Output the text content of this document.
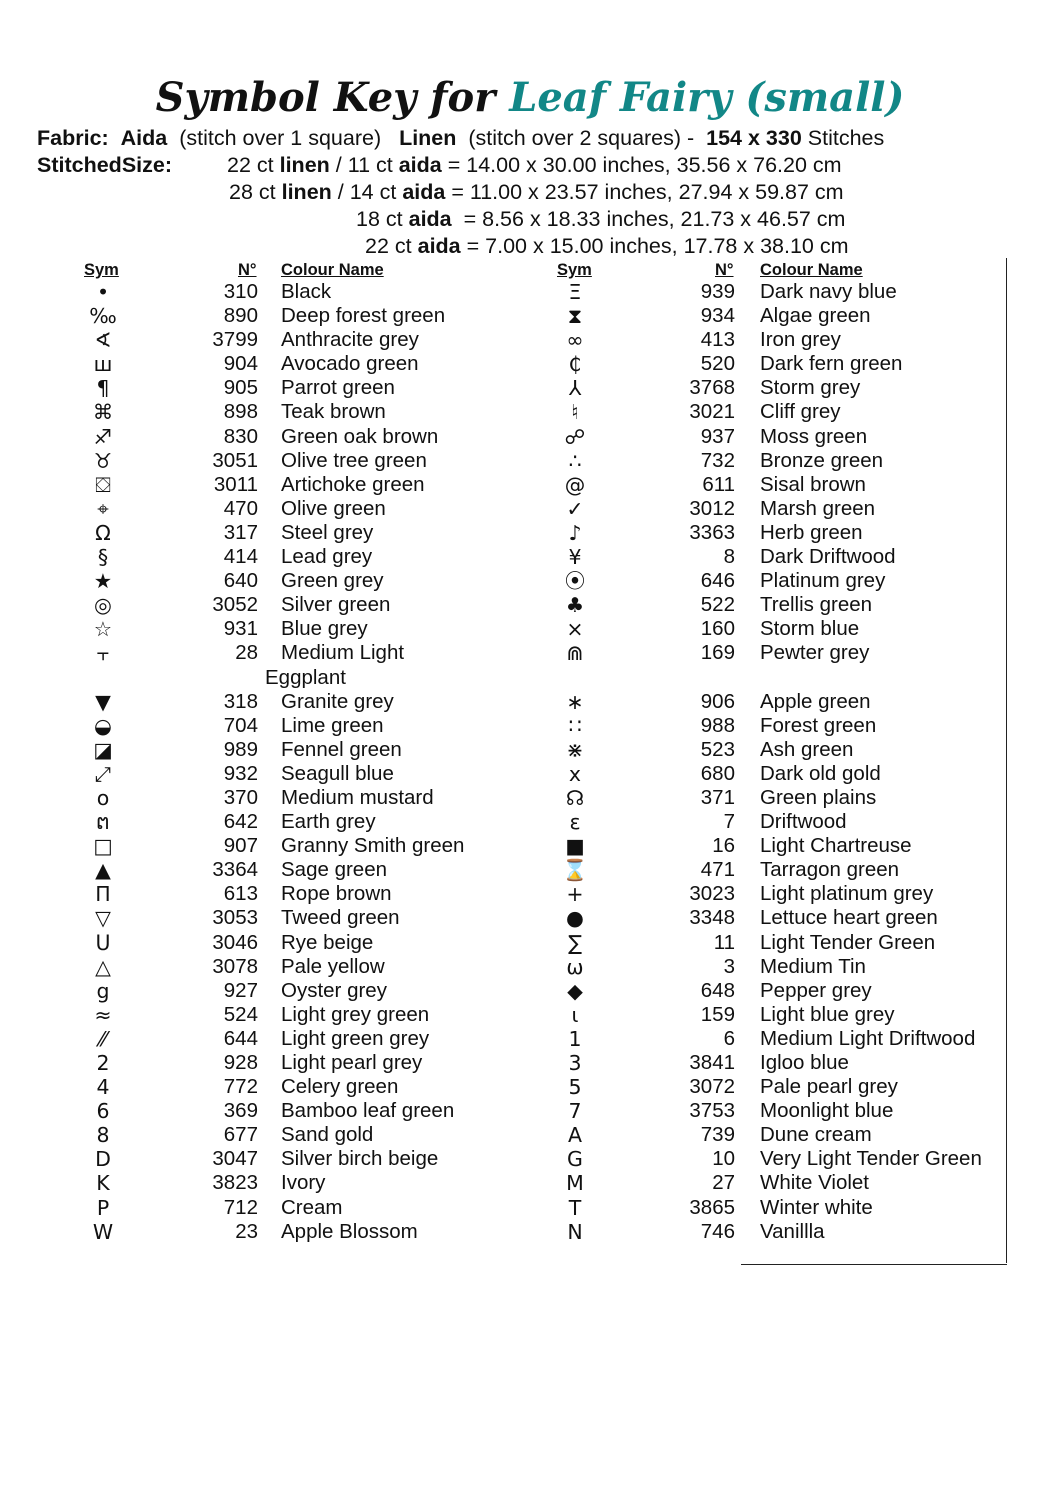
Symbol Key for Leaf Fairy (small)
Fabric: Aida (stitch over 1 square) Linen (stitch over 2 squares) - 154 x 330 Stitches
StitchedSize:	22 ct linen / 11 ct aida = 14.00 x 30.00 inches, 35.56 x 76.20 cm
28 ct linen / 14 ct aida = 11.00 x 23.57 inches, 27.94 x 59.87 cm
18 ct aida = 8.56 x 18.33 inches, 21.73 x 46.57 cm
22 ct aida = 7.00 x 15.00 inches, 17.78 x 38.10 cm
Sym	N° Colour Name
•	310 Black
‰	890 Deep forest green
∢	3799 Anthracite grey
ш	904 Avocado green
¶	905 Parrot green
⌘	898 Teak brown
♐	830 Green oak brown
♉	3051 Olive tree green
⛋	3011 Artichoke green
⌖	470 Olive green
Ω	317 Steel grey
§	414 Lead grey
★	640 Green grey
◎	3052 Silver green
☆	931 Blue grey
⫟	28 Medium Light
Eggplant
▼	318 Granite grey
◒	704 Lime green
◪	989 Fennel green
⤢	932 Seagull blue
o	370 Medium mustard
ຕ	642 Earth grey
□	907 Granny Smith green
▲	3364 Sage green
Π	613 Rope brown
▽	3053 Tweed green
ᑌ	3046 Rye beige
△	3078 Pale yellow
g	927 Oyster grey
≈	524 Light grey green
⁄⁄	644 Light green grey
2	928 Light pearl grey
4	772 Celery green
6	369 Bamboo leaf green
8	677 Sand gold
D	3047 Silver birch beige
K	3823 Ivory
P	712 Cream
W	23 Apple Blossom
Sym	N° Colour Name
Ξ	939 Dark navy blue
⧗	934 Algae green
∞	413 Iron grey
₵	520 Dark fern green
⅄	3768 Storm grey
♮	3021 Cliff grey
☍	937 Moss green
∴	732 Bronze green
@	611 Sisal brown
✓	3012 Marsh green
♪	3363 Herb green
¥	8 Dark Driftwood
⦿	646 Platinum grey
♣	522 Trellis green
⨯	160 Storm blue
⋒	169 Pewter grey
∗	906 Apple green
∷	988 Forest green
⋇	523 Ash green
x	680 Dark old gold
☊	371 Green plains
ε	7 Driftwood
■	16 Light Chartreuse
⌛	471 Tarragon green
+	3023 Light platinum grey
●	3348 Lettuce heart green
∑	11 Light Tender Green
ω	3 Medium Tin
◆	648 Pepper grey
ɩ	159 Light blue grey
1	6 Medium Light Driftwood
3	3841 Igloo blue
5	3072 Pale pearl grey
7	3753 Moonlight blue
A	739 Dune cream
G	10 Very Light Tender Green
M	27 White Violet
T	3865 Winter white
N	746 Vanillla
